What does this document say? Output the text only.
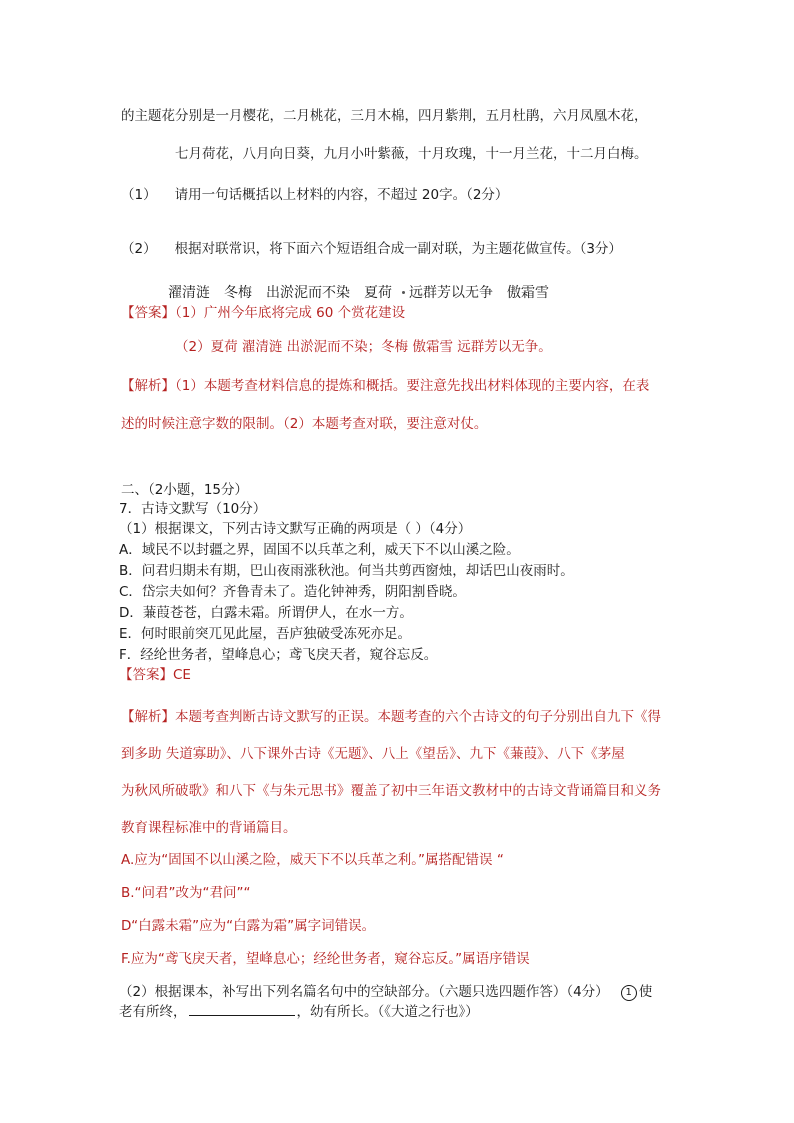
的主题花分别是一月樱花，二月桃花，三月木棉，四月紫荆，五月杜鹃，六月凤凰木花，
七月荷花，八月向日葵，九月小叶紫薇，十月玫瑰，十一月兰花，十二月白梅。
（1） 请用一句话概括以上材料的内容，不超过 20字。（2分）
（2） 根据对联常识，将下面六个短语组合成一副对联，为主题花做宣传。（3分）
濯清涟 冬梅 出淤泥而不染 夏荷 远群芳以无争 傲霜雪
【答案】（1）广州今年底将完成 60 个赏花建设
（2）夏荷 濯清涟 出淤泥而不染；冬梅 傲霜雪 远群芳以无争。
【解析】（1）本题考查材料信息的提炼和概括。要注意先找出材料体现的主要内容，在表
述的时候注意字数的限制。（2）本题考查对联，要注意对仗。
二、（2小题，15分）
7．古诗文默写（10分）
（1）根据课文，下列古诗文默写正确的两项是（ ）（4分）
A．域民不以封疆之界，固国不以兵革之利，威天下不以山溪之险。
B．问君归期未有期，巴山夜雨涨秋池。何当共剪西窗烛，却话巴山夜雨时。
C．岱宗夫如何？齐鲁青未了。造化钟神秀，阴阳割昏晓。
D．蒹葭苍苍，白露未霜。所谓伊人，在水一方。
E．何时眼前突兀见此屋，吾庐独破受冻死亦足。
F．经纶世务者，望峰息心；鸢飞戾天者，窥谷忘反。
【答案】CE
【解析】本题考查判断古诗文默写的正误。本题考查的六个古诗文的句子分别出自九下《得
到多助 失道寡助》、八下课外古诗《无题》、八上《望岳》、九下《蒹葭》、八下《茅屋
为秋风所破歌》和八下《与朱元思书》覆盖了初中三年语文教材中的古诗文背诵篇目和义务
教育课程标准中的背诵篇目。
A.应为“固国不以山溪之险，威天下不以兵革之利。”属搭配错误 “
B.“问君”改为“君问”“
D“白露未霜”应为“白露为霜”属字词错误。
F.应为“鸢飞戾天者，望峰息心；经纶世务者，窥谷忘反。”属语序错误
（2）根据课本，补写出下列名篇名句中的空缺部分。（六题只选四题作答）（4分） 1 使
老有所终，	，幼有所长。（《大道之行也》）
